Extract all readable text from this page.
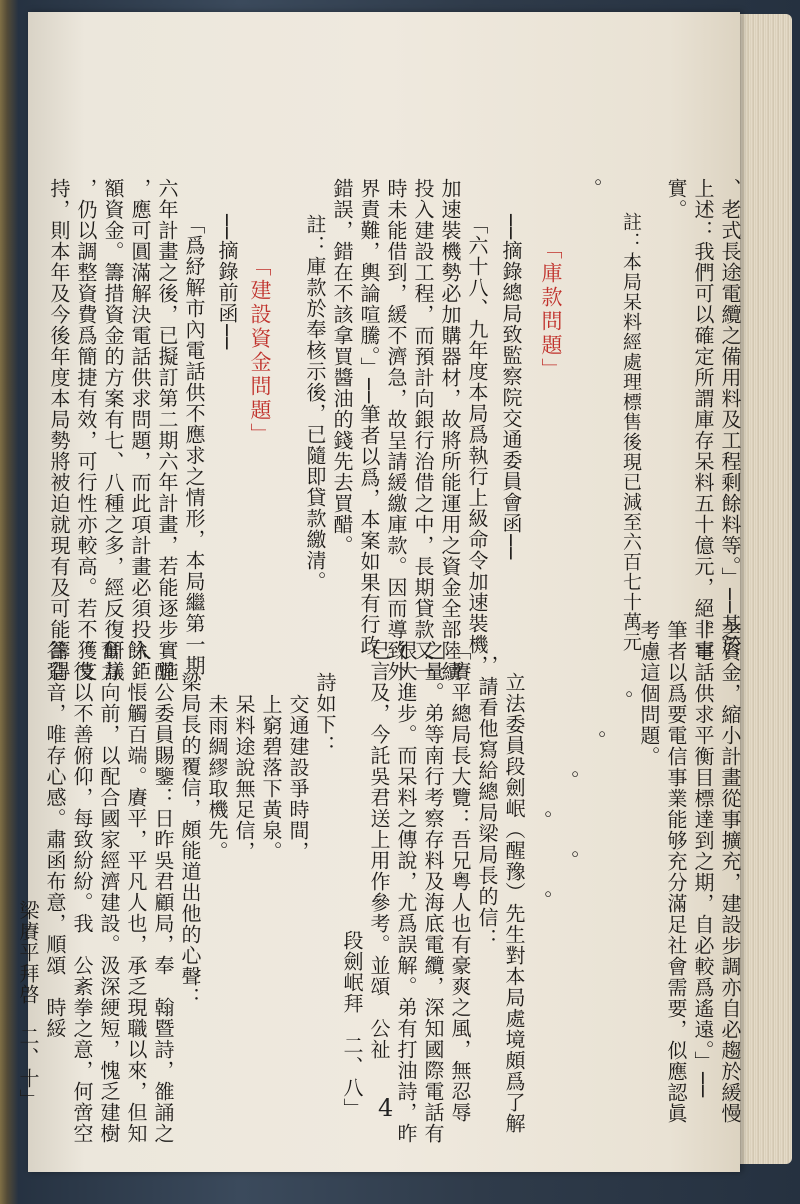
、老式長途電纜之備用料及工程剩餘料等。」──基於
上述：我們可以確定所謂庫存呆料五十億元，絕非事
實。
註：本局呆料經處理標售後現已減至六百七十萬元
。
──摘錄總局致監察院交通委員會函──
「六十八、九年度本局爲執行上級命令加速裝機，
加速裝機勢必加購器材，故將所能運用之資金全部陸續
投入建設工程，而預計向銀行治借之中，長期貸款又一
時未能借到，緩不濟急，故呈請緩繳庫款。因而導致外
界責難，輿論喧騰。」──筆者以爲，本案如果有行政
錯誤，錯在不該拿買醬油的錢先去買醋。
註：庫款於奉核示後，已隨即貸款繳清。
──摘錄前函──
「爲紓解市內電話供不應求之情形，本局繼第一期
六年計畫之後，已擬訂第二期六年計畫，若能逐步實施
，應可圓滿解決電話供求問題，而此項計畫必須投入鉅
額資金。籌措資金的方案有七、八種之多，經反復研議
，仍以調整資費爲簡捷有效，可行性亦較高。若不獲支
持，則本年及今後年度本局勢將被迫就現有及可能籌得
之資金，縮小計畫從事擴充，建設步調亦自必趨於緩慢
。電話供求平衡目標達到之期，自必較爲遙遠。」──
筆者以爲要電信事業能够充分滿足社會需要，似應認眞
考慮這個問題。
。
。
。
。
。
。
立法委員段劍岷（醒豫）先生對本局處境頗爲了解
，請看他寫給總局梁局長的信：
「賡平總局長大覽：吾兄粤人也有豪爽之風，無忍辱
之量。弟等南行考察存料及海底電纜，深知國際電話有
很大進步。而呆料之傳說，尤爲誤解。弟有打油詩，昨
已言及，今託吳君送上用作參考。並頌　公祉
段劍岷拜　二、八」
詩如下：
交通建設爭時間，
上窮碧落下黃泉。
呆料途說無足信，
未雨綢繆取機先。
梁局長的覆信，頗能道出他的心聲：
「醒公委員賜鑒：日昨吳君顧局，奉　翰暨詩，雒誦之
餘，悵觸百端。賡平，平凡人也，承乏現職以來，但知
奮力向前，以配合國家經濟建設。汲深綆短，愧乏建樹
。復以不善俯仰，每致紛紛。我　公紊拳之意，何啻空
谷跫音，唯存心感。肅函布意，順頌　時綏
梁賡平拜啓　二、十」
「庫款問題」
「建設資金問題」
4
